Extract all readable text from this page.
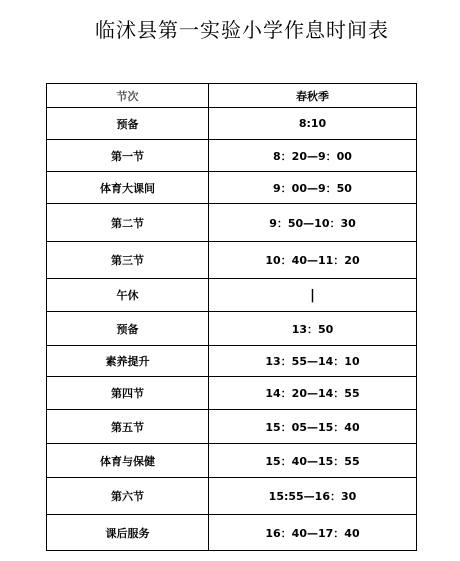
临沭县第一实验小学作息时间表
节次	春秋季
预备	8:10
第一节	8：20—9：00
体育大课间	9：00—9：50
第二节	9：50—10：30
第三节	10：40—11：20
午休	|
预备	13：50
素养提升	13：55—14：10
第四节	14：20—14：55
第五节	15：05—15：40
体育与保健	15：40—15：55
第六节	15:55—16：30
课后服务	16：40—17：40
